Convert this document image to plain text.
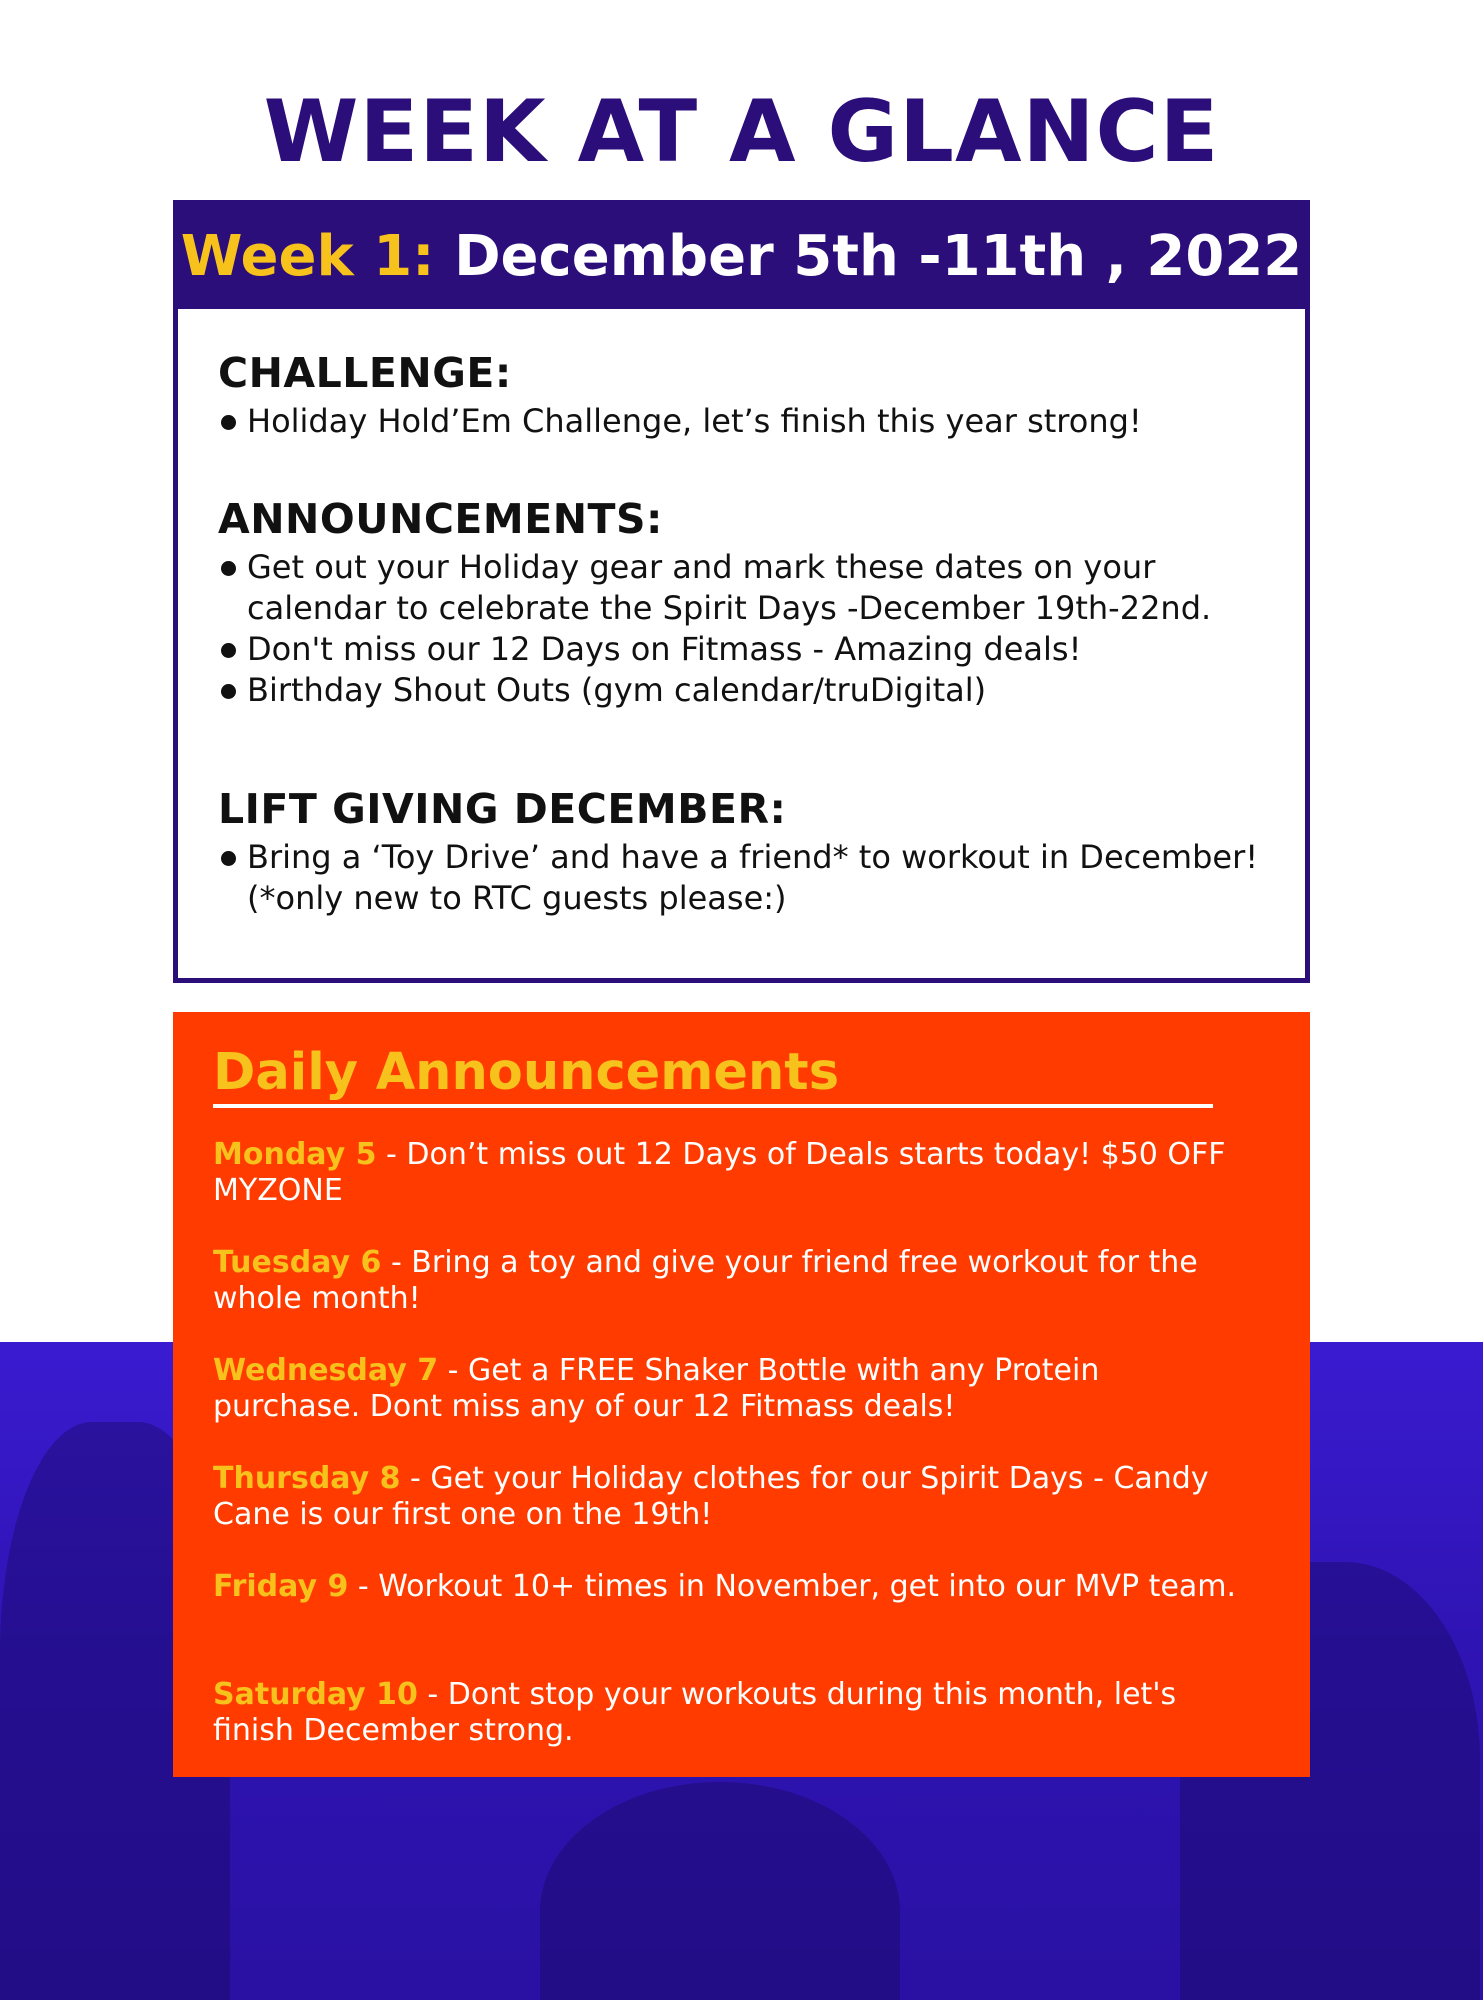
WEEK AT A GLANCE
Week 1: December 5th -11th , 2022
CHALLENGE:
Holiday Hold’Em Challenge, let’s finish this year strong!
ANNOUNCEMENTS:
Get out your Holiday gear and mark these dates on your calendar to celebrate the Spirit Days -December 19th-22nd.
Don't miss our 12 Days on Fitmass - Amazing deals!
Birthday Shout Outs (gym calendar/truDigital)
LIFT GIVING DECEMBER:
Bring a ‘Toy Drive’ and have a friend* to workout in December! (*only new to RTC guests please:)
Daily Announcements
Monday 5 - Don’t miss out 12 Days of Deals starts today! $50 OFF MYZONE
Tuesday 6 - Bring a toy and give your friend free workout for the whole month!
Wednesday 7 - Get a FREE Shaker Bottle with any Protein purchase. Dont miss any of our 12 Fitmass deals!
Thursday 8 - Get your Holiday clothes for our Spirit Days - Candy Cane is our first one on the 19th!
Friday 9 - Workout 10+ times in November, get into our MVP team.
Saturday 10 - Dont stop your workouts during this month, let's finish December strong.
